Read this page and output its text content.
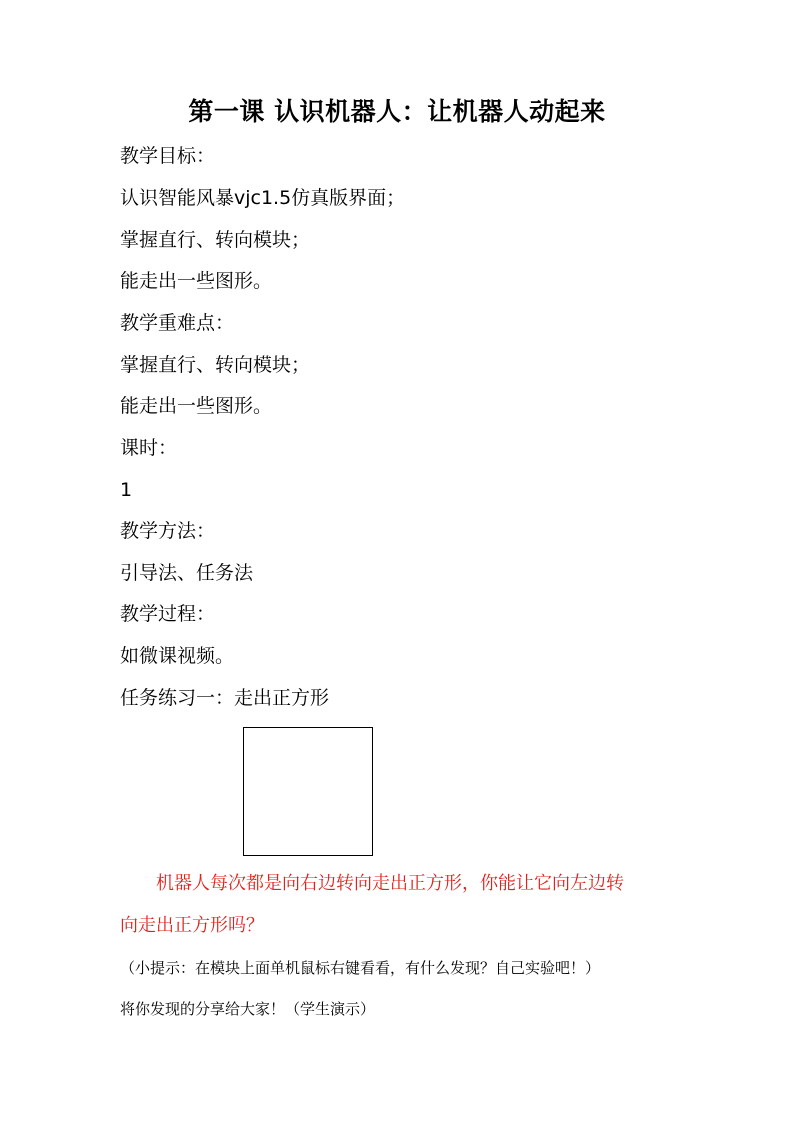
第一课 认识机器人：让机器人动起来
教学目标：
认识智能风暴vjc1.5仿真版界面；
掌握直行、转向模块；
能走出一些图形。
教学重难点：
掌握直行、转向模块；
能走出一些图形。
课时：
1
教学方法：
引导法、任务法
教学过程：
如微课视频。
任务练习一：走出正方形
机器人每次都是向右边转向走出正方形，你能让它向左边转
向走出正方形吗？
（小提示：在模块上面单机鼠标右键看看，有什么发现？自己实验吧！）
将你发现的分享给大家！（学生演示）
